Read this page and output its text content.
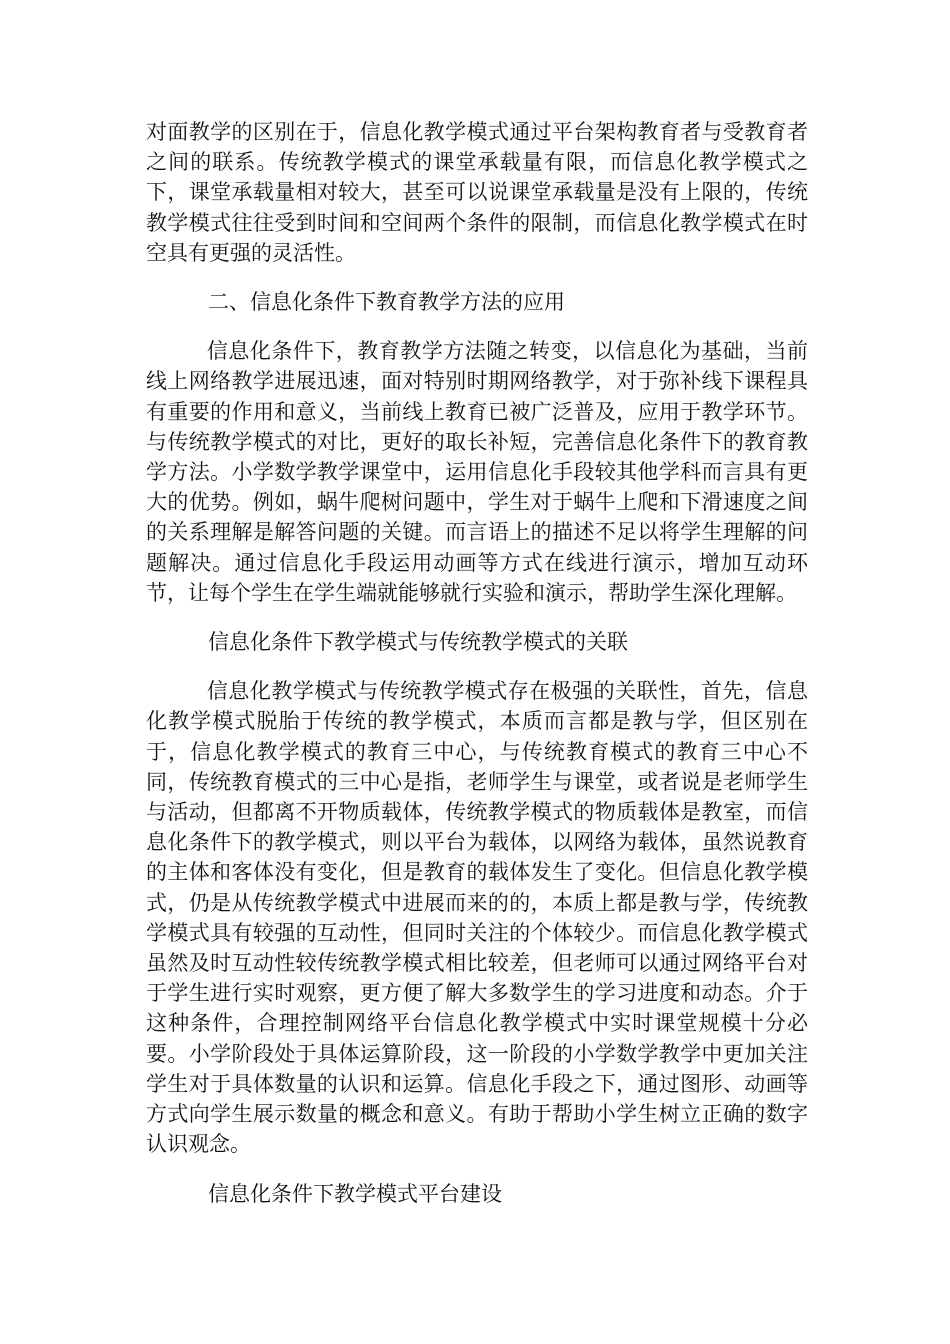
对面教学的区别在于，信息化教学模式通过平台架构教育者与受教育者之间的联系。传统教学模式的课堂承载量有限，而信息化教学模式之下，课堂承载量相对较大，甚至可以说课堂承载量是没有上限的，传统教学模式往往受到时间和空间两个条件的限制，而信息化教学模式在时空具有更强的灵活性。

二、信息化条件下教育教学方法的应用

信息化条件下，教育教学方法随之转变，以信息化为基础，当前线上网络教学进展迅速，面对特别时期网络教学，对于弥补线下课程具有重要的作用和意义，当前线上教育已被广泛普及，应用于教学环节。与传统教学模式的对比，更好的取长补短，完善信息化条件下的教育教学方法。小学数学教学课堂中，运用信息化手段较其他学科而言具有更大的优势。例如，蜗牛爬树问题中，学生对于蜗牛上爬和下滑速度之间的关系理解是解答问题的关键。而言语上的描述不足以将学生理解的问题解决。通过信息化手段运用动画等方式在线进行演示，增加互动环节，让每个学生在学生端就能够就行实验和演示，帮助学生深化理解。

信息化条件下教学模式与传统教学模式的关联

信息化教学模式与传统教学模式存在极强的关联性，首先，信息化教学模式脱胎于传统的教学模式，本质而言都是教与学，但区别在于，信息化教学模式的教育三中心，与传统教育模式的教育三中心不同，传统教育模式的三中心是指，老师学生与课堂，或者说是老师学生与活动，但都离不开物质载体，传统教学模式的物质载体是教室，而信息化条件下的教学模式，则以平台为载体，以网络为载体，虽然说教育的主体和客体没有变化，但是教育的载体发生了变化。但信息化教学模式，仍是从传统教学模式中进展而来的的，本质上都是教与学，传统教学模式具有较强的互动性，但同时关注的个体较少。而信息化教学模式虽然及时互动性较传统教学模式相比较差，但老师可以通过网络平台对于学生进行实时观察，更方便了解大多数学生的学习进度和动态。介于这种条件，合理控制网络平台信息化教学模式中实时课堂规模十分必要。小学阶段处于具体运算阶段，这一阶段的小学数学教学中更加关注学生对于具体数量的认识和运算。信息化手段之下，通过图形、动画等方式向学生展示数量的概念和意义。有助于帮助小学生树立正确的数字认识观念。

信息化条件下教学模式平台建设
